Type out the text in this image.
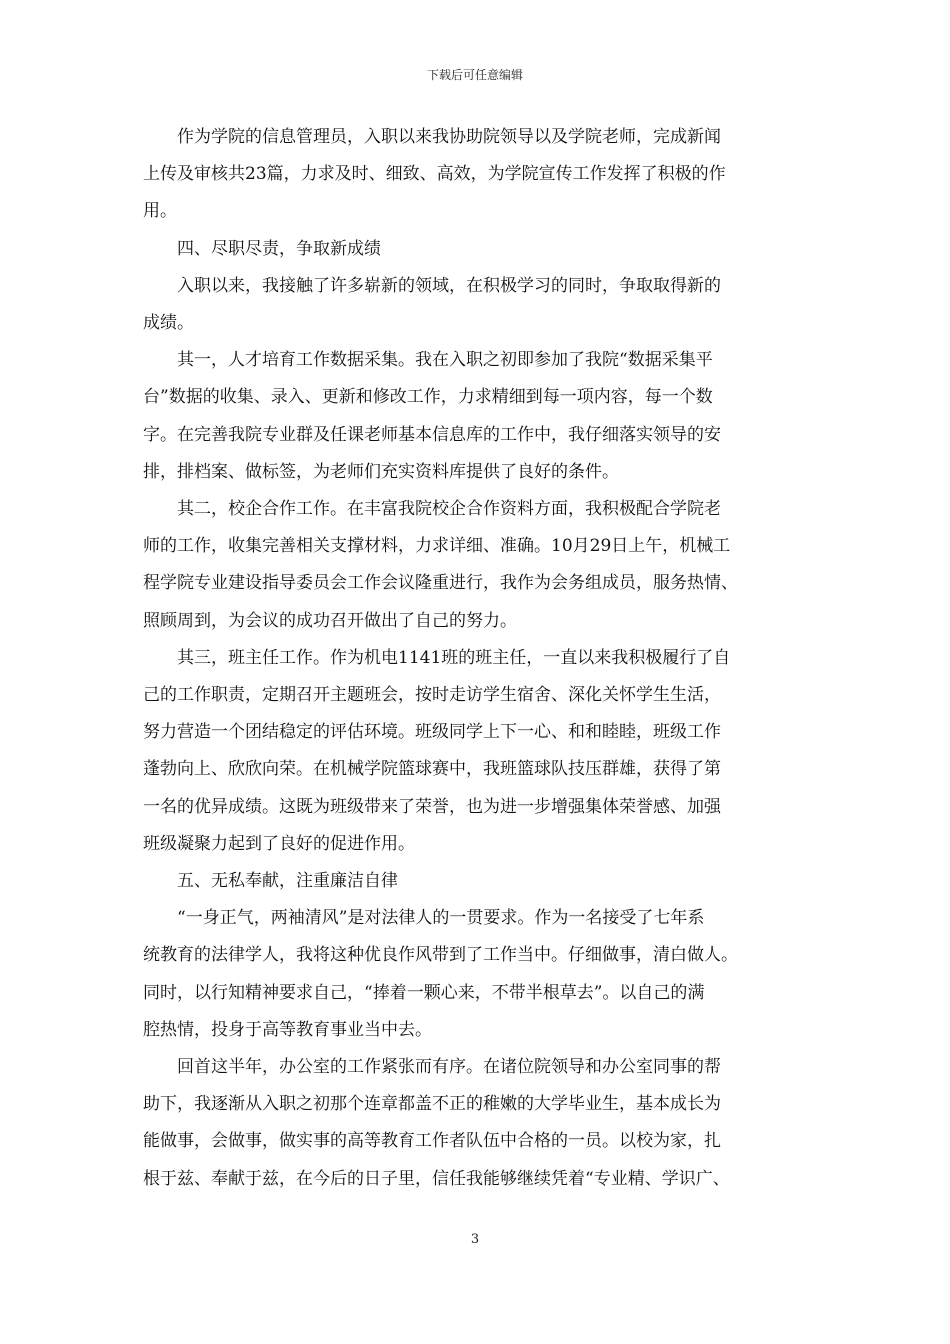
下载后可任意编辑

　　作为学院的信息管理员，入职以来我协助院领导以及学院老师，完成新闻

上传及审核共23篇，力求及时、细致、高效，为学院宣传工作发挥了积极的作

用。

　　四、尽职尽责，争取新成绩

　　入职以来，我接触了许多崭新的领域，在积极学习的同时，争取取得新的

成绩。

　　其一，人才培育工作数据采集。我在入职之初即参加了我院“数据采集平

台”数据的收集、录入、更新和修改工作，力求精细到每一项内容，每一个数

字。在完善我院专业群及任课老师基本信息库的工作中，我仔细落实领导的安

排，排档案、做标签，为老师们充实资料库提供了良好的条件。

　　其二，校企合作工作。在丰富我院校企合作资料方面，我积极配合学院老

师的工作，收集完善相关支撑材料，力求详细、准确。10月29日上午，机械工

程学院专业建设指导委员会工作会议隆重进行，我作为会务组成员，服务热情、

照顾周到，为会议的成功召开做出了自己的努力。

　　其三，班主任工作。作为机电1141班的班主任，一直以来我积极履行了自

己的工作职责，定期召开主题班会，按时走访学生宿舍、深化关怀学生生活，

努力营造一个团结稳定的评估环境。班级同学上下一心、和和睦睦，班级工作

蓬勃向上、欣欣向荣。在机械学院篮球赛中，我班篮球队技压群雄，获得了第

一名的优异成绩。这既为班级带来了荣誉，也为进一步增强集体荣誉感、加强

班级凝聚力起到了良好的促进作用。

　　五、无私奉献，注重廉洁自律

　　“一身正气，两袖清风”是对法律人的一贯要求。作为一名接受了七年系

统教育的法律学人，我将这种优良作风带到了工作当中。仔细做事，清白做人。

同时，以行知精神要求自己，“捧着一颗心来，不带半根草去”。以自己的满

腔热情，投身于高等教育事业当中去。

　　回首这半年，办公室的工作紧张而有序。在诸位院领导和办公室同事的帮

助下，我逐渐从入职之初那个连章都盖不正的稚嫩的大学毕业生，基本成长为

能做事，会做事，做实事的高等教育工作者队伍中合格的一员。以校为家，扎

根于兹、奉献于兹，在今后的日子里，信任我能够继续凭着“专业精、学识广、

3
